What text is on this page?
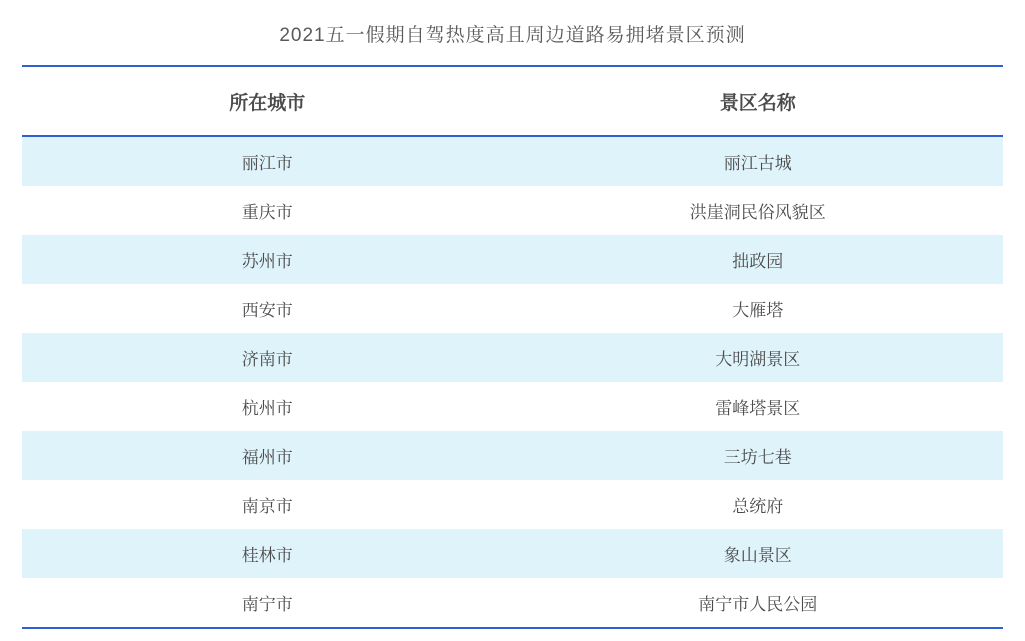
2021五一假期自驾热度高且周边道路易拥堵景区预测
所在城市	景区名称
丽江市	丽江古城
重庆市	洪崖洞民俗风貌区
苏州市	拙政园
西安市	大雁塔
济南市	大明湖景区
杭州市	雷峰塔景区
福州市	三坊七巷
南京市	总统府
桂林市	象山景区
南宁市	南宁市人民公园
